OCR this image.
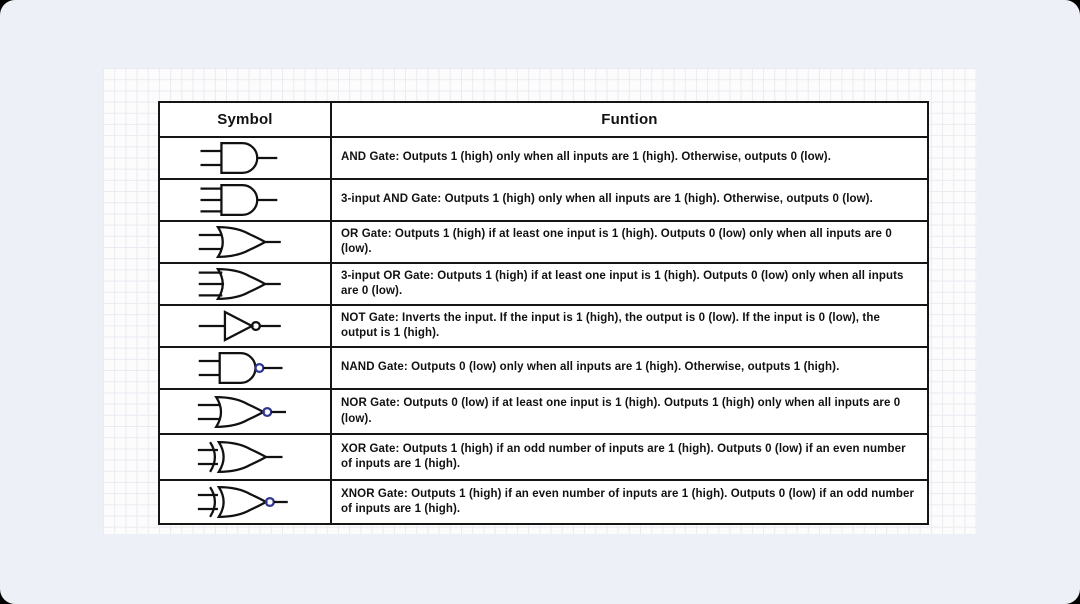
Symbol	Funtion

	AND Gate: Outputs 1 (high) only when all inputs are 1 (high). Otherwise, outputs 0 (low).

	3-input AND Gate: Outputs 1 (high) only when all inputs are 1 (high). Otherwise, outputs 0 (low).

	OR Gate: Outputs 1 (high) if at least one input is 1 (high). Outputs 0 (low) only when all inputs are 0 (low).

	3-input OR Gate: Outputs 1 (high) if at least one input is 1 (high). Outputs 0 (low) only when all inputs are 0 (low).

	NOT Gate: Inverts the input. If the input is 1 (high), the output is 0 (low). If the input is 0 (low), the output is 1 (high).

	NAND Gate: Outputs 0 (low) only when all inputs are 1 (high). Otherwise, outputs 1 (high).

	NOR Gate: Outputs 0 (low) if at least one input is 1 (high). Outputs 1 (high) only when all inputs are 0 (low).

	XOR Gate: Outputs 1 (high) if an odd number of inputs are 1 (high). Outputs 0 (low) if an even number of inputs are 1 (high).

	XNOR Gate: Outputs 1 (high) if an even number of inputs are 1 (high). Outputs 0 (low) if an odd number of inputs are 1 (high).
